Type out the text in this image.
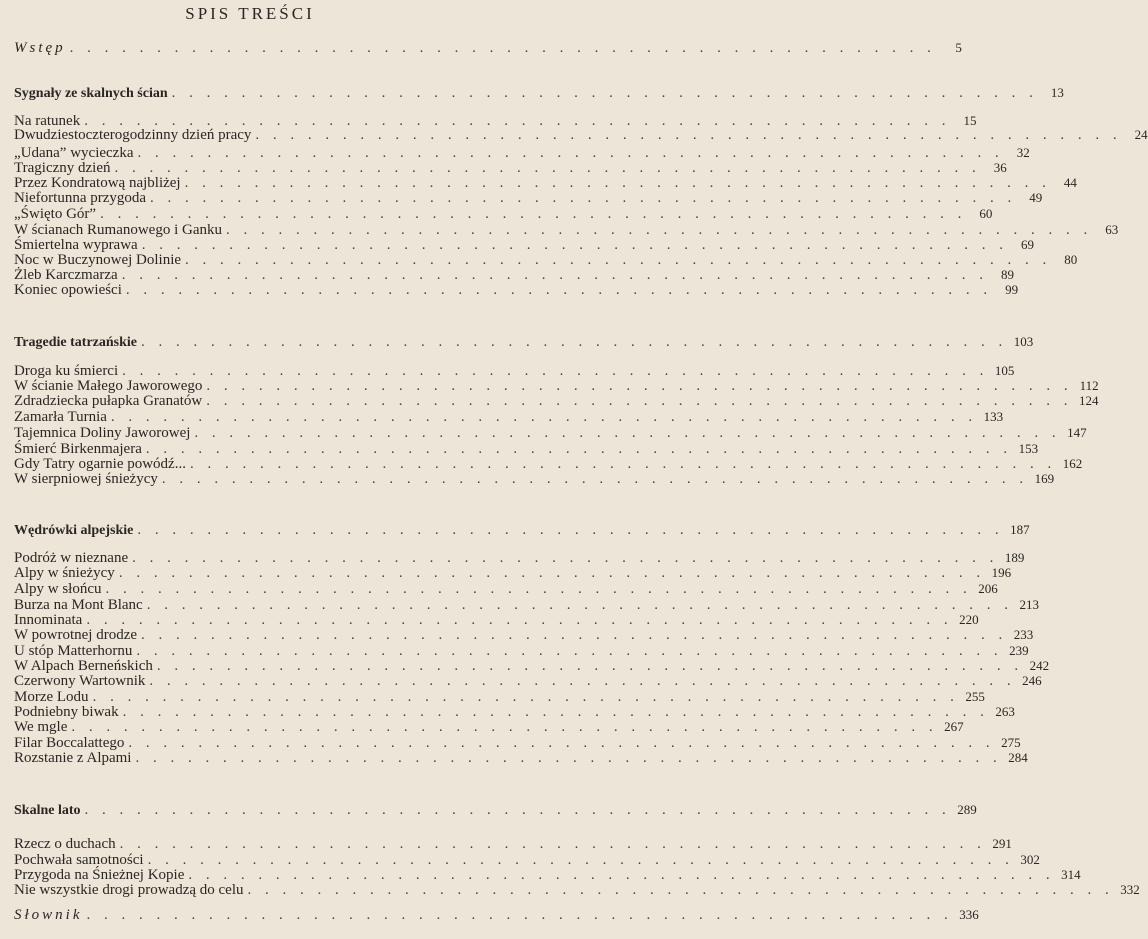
SPIS TREŚCI
Wstęp . . . . . . . . . . . . . . . . . . . . . . . . . . . . . . . . . . . . . . . . . . . . . . . . . .	5
Sygnały ze skalnych ścian . . . . . . . . . . . . . . . . . . . . . . . . . . . . . . . . . . . . . . . . . . . . . . . . . .	13
Na ratunek . . . . . . . . . . . . . . . . . . . . . . . . . . . . . . . . . . . . . . . . . . . . . . . . . .	15
Dwudziestoczterogodzinny dzień pracy . . . . . . . . . . . . . . . . . . . . . . . . . . . . . . . . . . . . . . . . . . . . . . . . . .	24
„Udana” wycieczka . . . . . . . . . . . . . . . . . . . . . . . . . . . . . . . . . . . . . . . . . . . . . . . . . .	32
Tragiczny dzień . . . . . . . . . . . . . . . . . . . . . . . . . . . . . . . . . . . . . . . . . . . . . . . . . .	36
Przez Kondratową najbliżej . . . . . . . . . . . . . . . . . . . . . . . . . . . . . . . . . . . . . . . . . . . . . . . . . .	44
Niefortunna przygoda . . . . . . . . . . . . . . . . . . . . . . . . . . . . . . . . . . . . . . . . . . . . . . . . . .	49
„Święto Gór” . . . . . . . . . . . . . . . . . . . . . . . . . . . . . . . . . . . . . . . . . . . . . . . . . .	60
W ścianach Rumanowego i Ganku . . . . . . . . . . . . . . . . . . . . . . . . . . . . . . . . . . . . . . . . . . . . . . . . . .	63
Śmiertelna wyprawa . . . . . . . . . . . . . . . . . . . . . . . . . . . . . . . . . . . . . . . . . . . . . . . . . .	69
Noc w Buczynowej Dolinie . . . . . . . . . . . . . . . . . . . . . . . . . . . . . . . . . . . . . . . . . . . . . . . . . .	80
Żleb Karczmarza . . . . . . . . . . . . . . . . . . . . . . . . . . . . . . . . . . . . . . . . . . . . . . . . . .	89
Koniec opowieści . . . . . . . . . . . . . . . . . . . . . . . . . . . . . . . . . . . . . . . . . . . . . . . . . .	99
Tragedie tatrzańskie . . . . . . . . . . . . . . . . . . . . . . . . . . . . . . . . . . . . . . . . . . . . . . . . . . 103
Droga ku śmierci . . . . . . . . . . . . . . . . . . . . . . . . . . . . . . . . . . . . . . . . . . . . . . . . . . 105
W ścianie Małego Jaworowego . . . . . . . . . . . . . . . . . . . . . . . . . . . . . . . . . . . . . . . . . . . . . . . . . . 112
Zdradziecka pułapka Granatów . . . . . . . . . . . . . . . . . . . . . . . . . . . . . . . . . . . . . . . . . . . . . . . . . . 124
Zamarła Turnia . . . . . . . . . . . . . . . . . . . . . . . . . . . . . . . . . . . . . . . . . . . . . . . . . . 133
Tajemnica Doliny Jaworowej . . . . . . . . . . . . . . . . . . . . . . . . . . . . . . . . . . . . . . . . . . . . . . . . . . 147
Śmierć Birkenmajera . . . . . . . . . . . . . . . . . . . . . . . . . . . . . . . . . . . . . . . . . . . . . . . . . . 153
Gdy Tatry ogarnie powódź... . . . . . . . . . . . . . . . . . . . . . . . . . . . . . . . . . . . . . . . . . . . . . . . . . . 162
W sierpniowej śnieżycy . . . . . . . . . . . . . . . . . . . . . . . . . . . . . . . . . . . . . . . . . . . . . . . . . . 169
Wędrówki alpejskie . . . . . . . . . . . . . . . . . . . . . . . . . . . . . . . . . . . . . . . . . . . . . . . . . . 187
Podróż w nieznane . . . . . . . . . . . . . . . . . . . . . . . . . . . . . . . . . . . . . . . . . . . . . . . . . . 189
Alpy w śnieżycy . . . . . . . . . . . . . . . . . . . . . . . . . . . . . . . . . . . . . . . . . . . . . . . . . . 196
Alpy w słońcu . . . . . . . . . . . . . . . . . . . . . . . . . . . . . . . . . . . . . . . . . . . . . . . . . . 206
Burza na Mont Blanc . . . . . . . . . . . . . . . . . . . . . . . . . . . . . . . . . . . . . . . . . . . . . . . . . . 213
Innominata . . . . . . . . . . . . . . . . . . . . . . . . . . . . . . . . . . . . . . . . . . . . . . . . . . 220
W powrotnej drodze . . . . . . . . . . . . . . . . . . . . . . . . . . . . . . . . . . . . . . . . . . . . . . . . . . 233
U stóp Matterhornu . . . . . . . . . . . . . . . . . . . . . . . . . . . . . . . . . . . . . . . . . . . . . . . . . . 239
W Alpach Berneńskich . . . . . . . . . . . . . . . . . . . . . . . . . . . . . . . . . . . . . . . . . . . . . . . . . . 242
Czerwony Wartownik . . . . . . . . . . . . . . . . . . . . . . . . . . . . . . . . . . . . . . . . . . . . . . . . . . 246
Morze Lodu . . . . . . . . . . . . . . . . . . . . . . . . . . . . . . . . . . . . . . . . . . . . . . . . . . 255
Podniebny biwak . . . . . . . . . . . . . . . . . . . . . . . . . . . . . . . . . . . . . . . . . . . . . . . . . . 263
We mgle . . . . . . . . . . . . . . . . . . . . . . . . . . . . . . . . . . . . . . . . . . . . . . . . . . 267
Filar Boccalattego . . . . . . . . . . . . . . . . . . . . . . . . . . . . . . . . . . . . . . . . . . . . . . . . . . 275
Rozstanie z Alpami . . . . . . . . . . . . . . . . . . . . . . . . . . . . . . . . . . . . . . . . . . . . . . . . . . 284
Skalne lato . . . . . . . . . . . . . . . . . . . . . . . . . . . . . . . . . . . . . . . . . . . . . . . . . . 289
Rzecz o duchach . . . . . . . . . . . . . . . . . . . . . . . . . . . . . . . . . . . . . . . . . . . . . . . . . . 291
Pochwała samotności . . . . . . . . . . . . . . . . . . . . . . . . . . . . . . . . . . . . . . . . . . . . . . . . . . 302
Przygoda na Śnieżnej Kopie . . . . . . . . . . . . . . . . . . . . . . . . . . . . . . . . . . . . . . . . . . . . . . . . . . 314
Nie wszystkie drogi prowadzą do celu . . . . . . . . . . . . . . . . . . . . . . . . . . . . . . . . . . . . . . . . . . . . . . . . . . 332
Słownik . . . . . . . . . . . . . . . . . . . . . . . . . . . . . . . . . . . . . . . . . . . . . . . . . . 336
